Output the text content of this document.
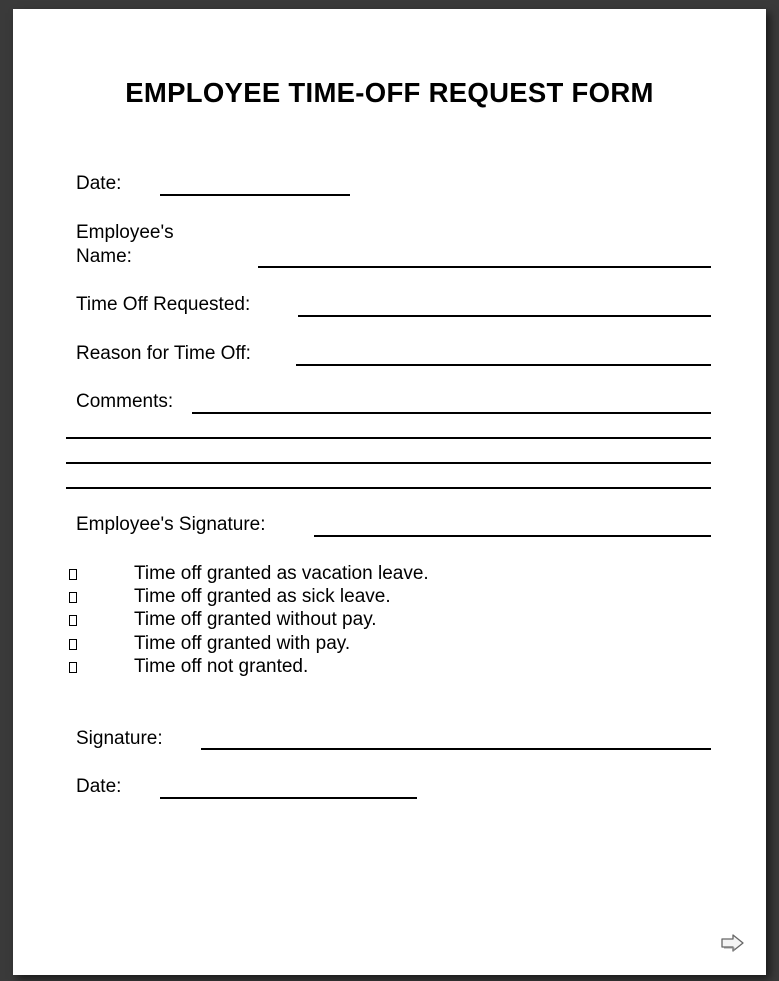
EMPLOYEE TIME-OFF REQUEST FORM
Date:
Employee's
Name:
Time Off Requested:
Reason for Time Off:
Comments:
Employee's Signature:
Time off granted as vacation leave.
Time off granted as sick leave.
Time off granted without pay.
Time off granted with pay.
Time off not granted.
Signature:
Date:
